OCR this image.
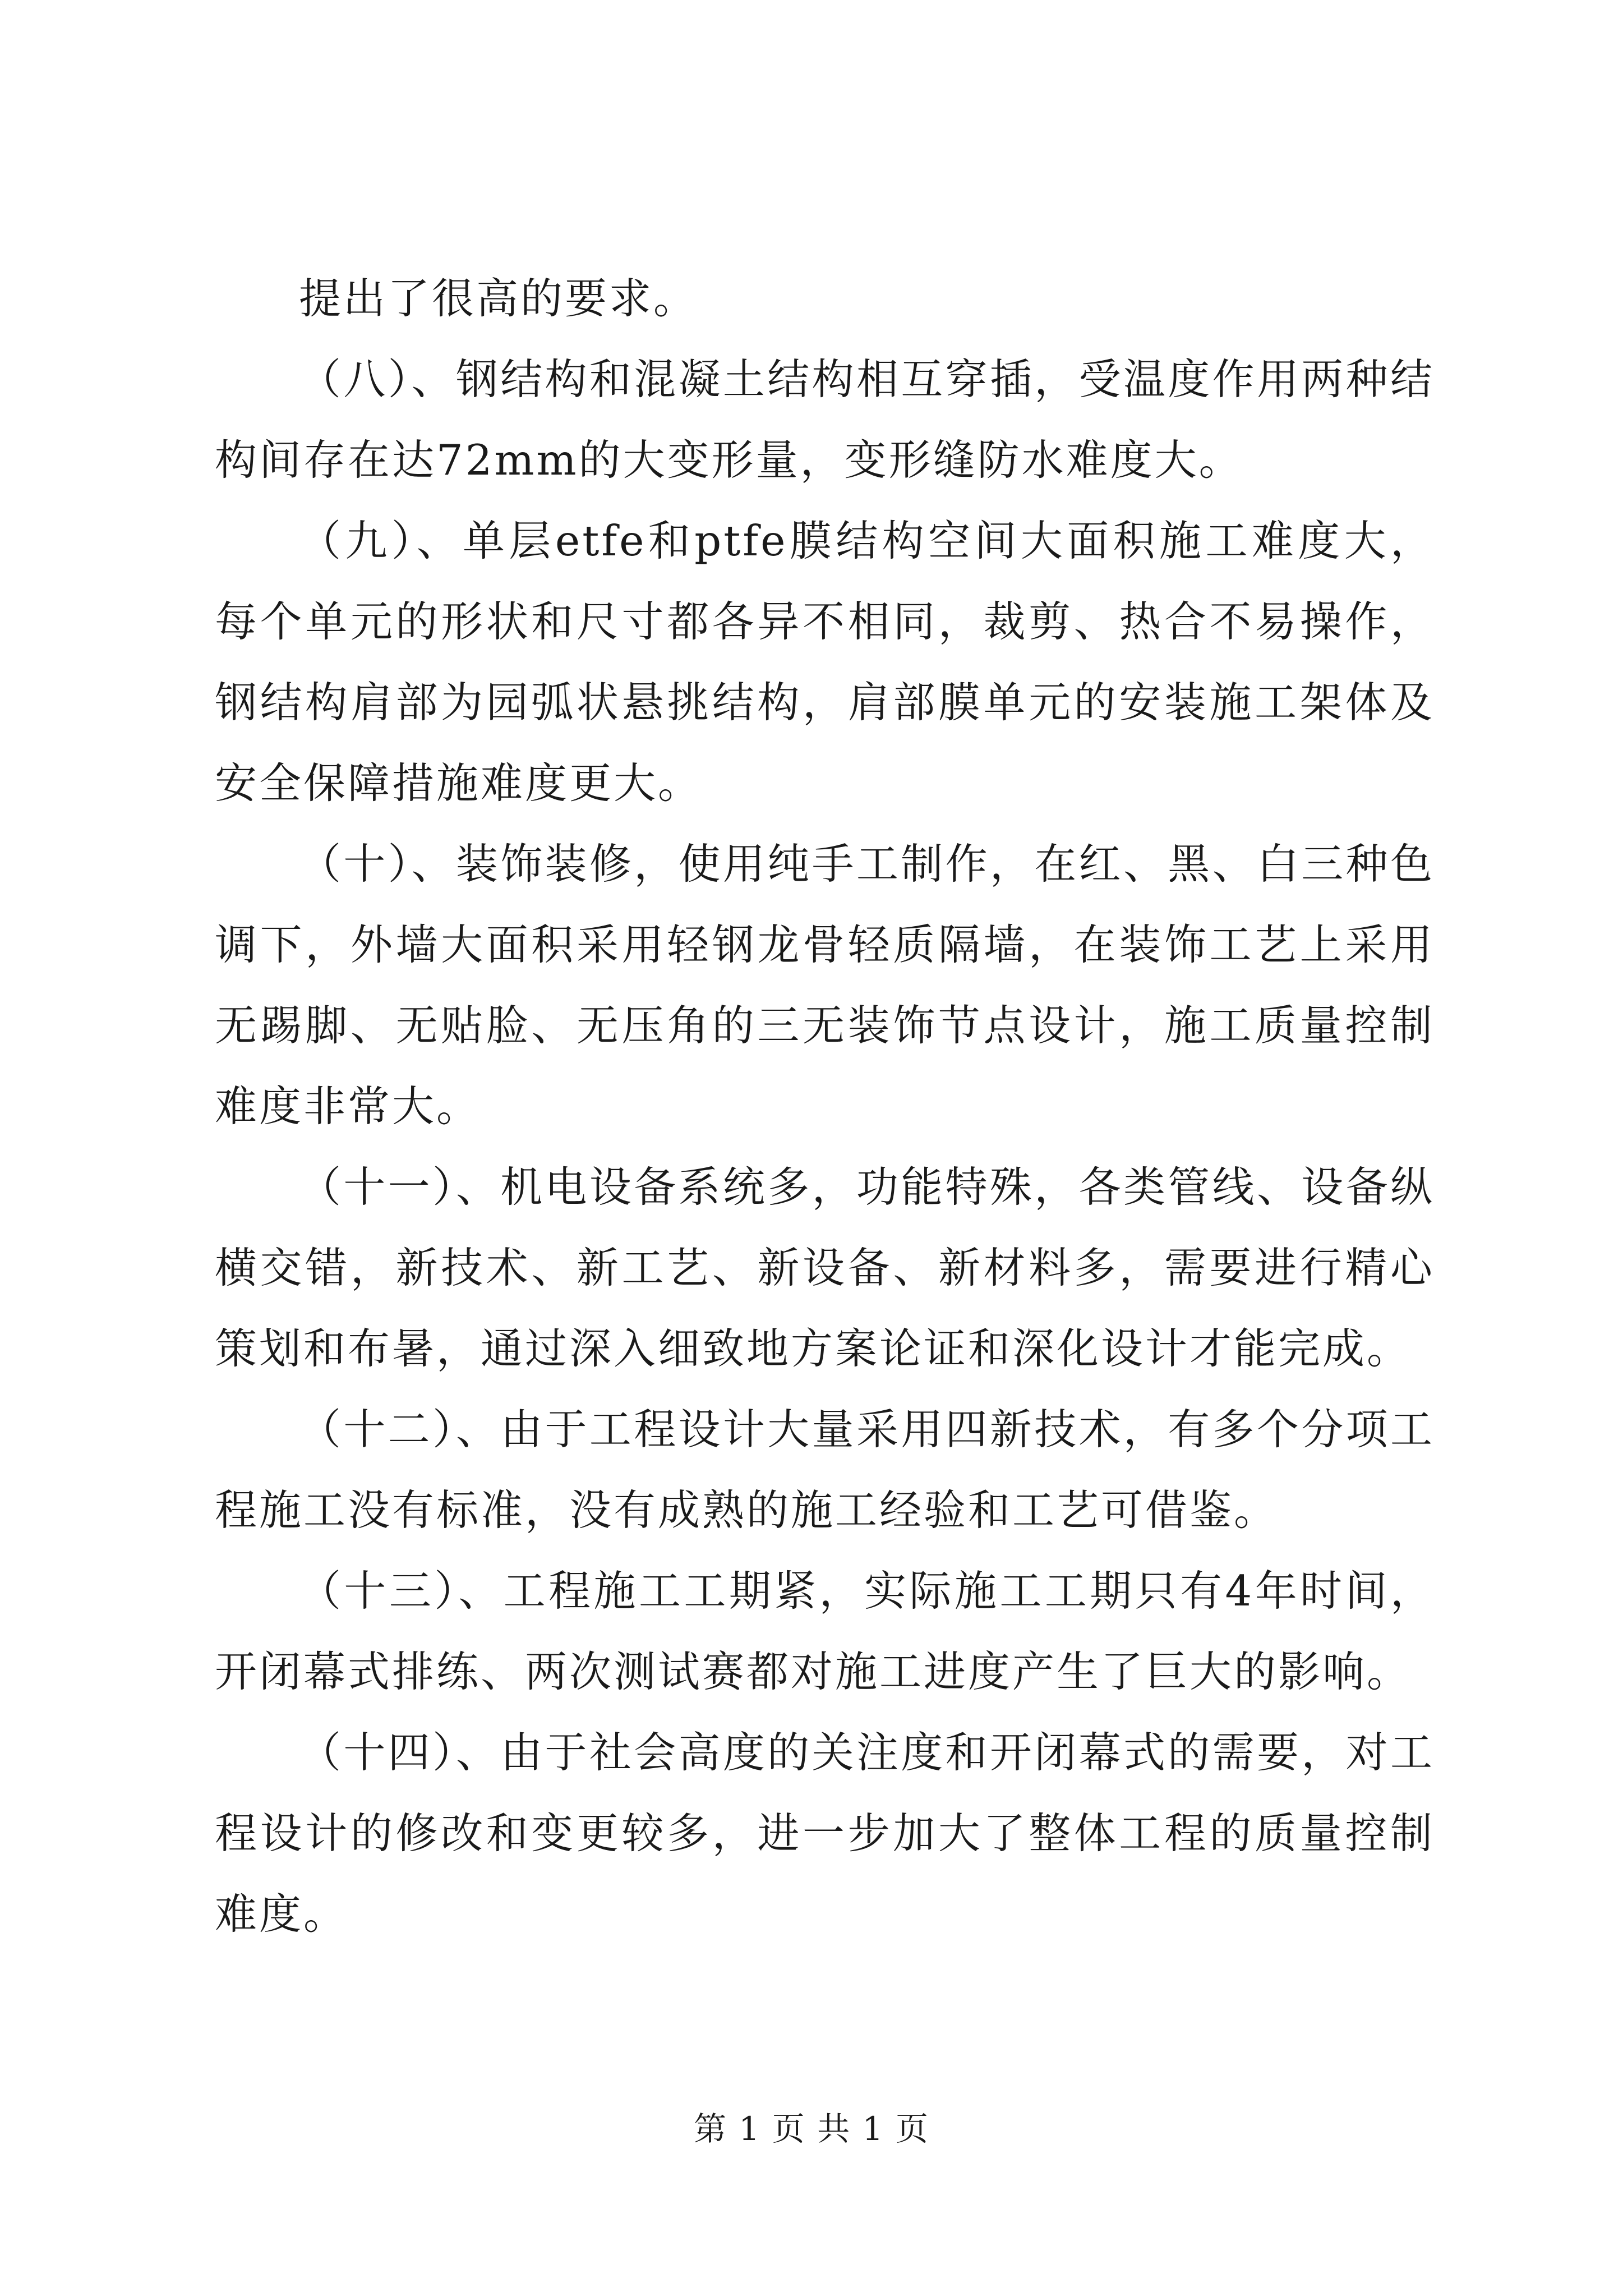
提出了很高的要求。

（八）、钢结构和混凝土结构相互穿插，受温度作用两种结构间存在达72mm的大变形量，变形缝防水难度大。

（九）、单层etfe和ptfe膜结构空间大面积施工难度大，每个单元的形状和尺寸都各异不相同，裁剪、热合不易操作，钢结构肩部为园弧状悬挑结构，肩部膜单元的安装施工架体及安全保障措施难度更大。

（十）、装饰装修，使用纯手工制作，在红、黑、白三种色调下，外墙大面积采用轻钢龙骨轻质隔墙，在装饰工艺上采用无踢脚、无贴脸、无压角的三无装饰节点设计，施工质量控制难度非常大。

（十一）、机电设备系统多，功能特殊，各类管线、设备纵横交错，新技术、新工艺、新设备、新材料多，需要进行精心策划和布暑，通过深入细致地方案论证和深化设计才能完成。

（十二）、由于工程设计大量采用四新技术，有多个分项工程施工没有标准，没有成熟的施工经验和工艺可借鉴。

（十三）、工程施工工期紧，实际施工工期只有4年时间，开闭幕式排练、两次测试赛都对施工进度产生了巨大的影响。

（十四）、由于社会高度的关注度和开闭幕式的需要，对工程设计的修改和变更较多，进一步加大了整体工程的质量控制难度。

第 1 页 共 1 页
